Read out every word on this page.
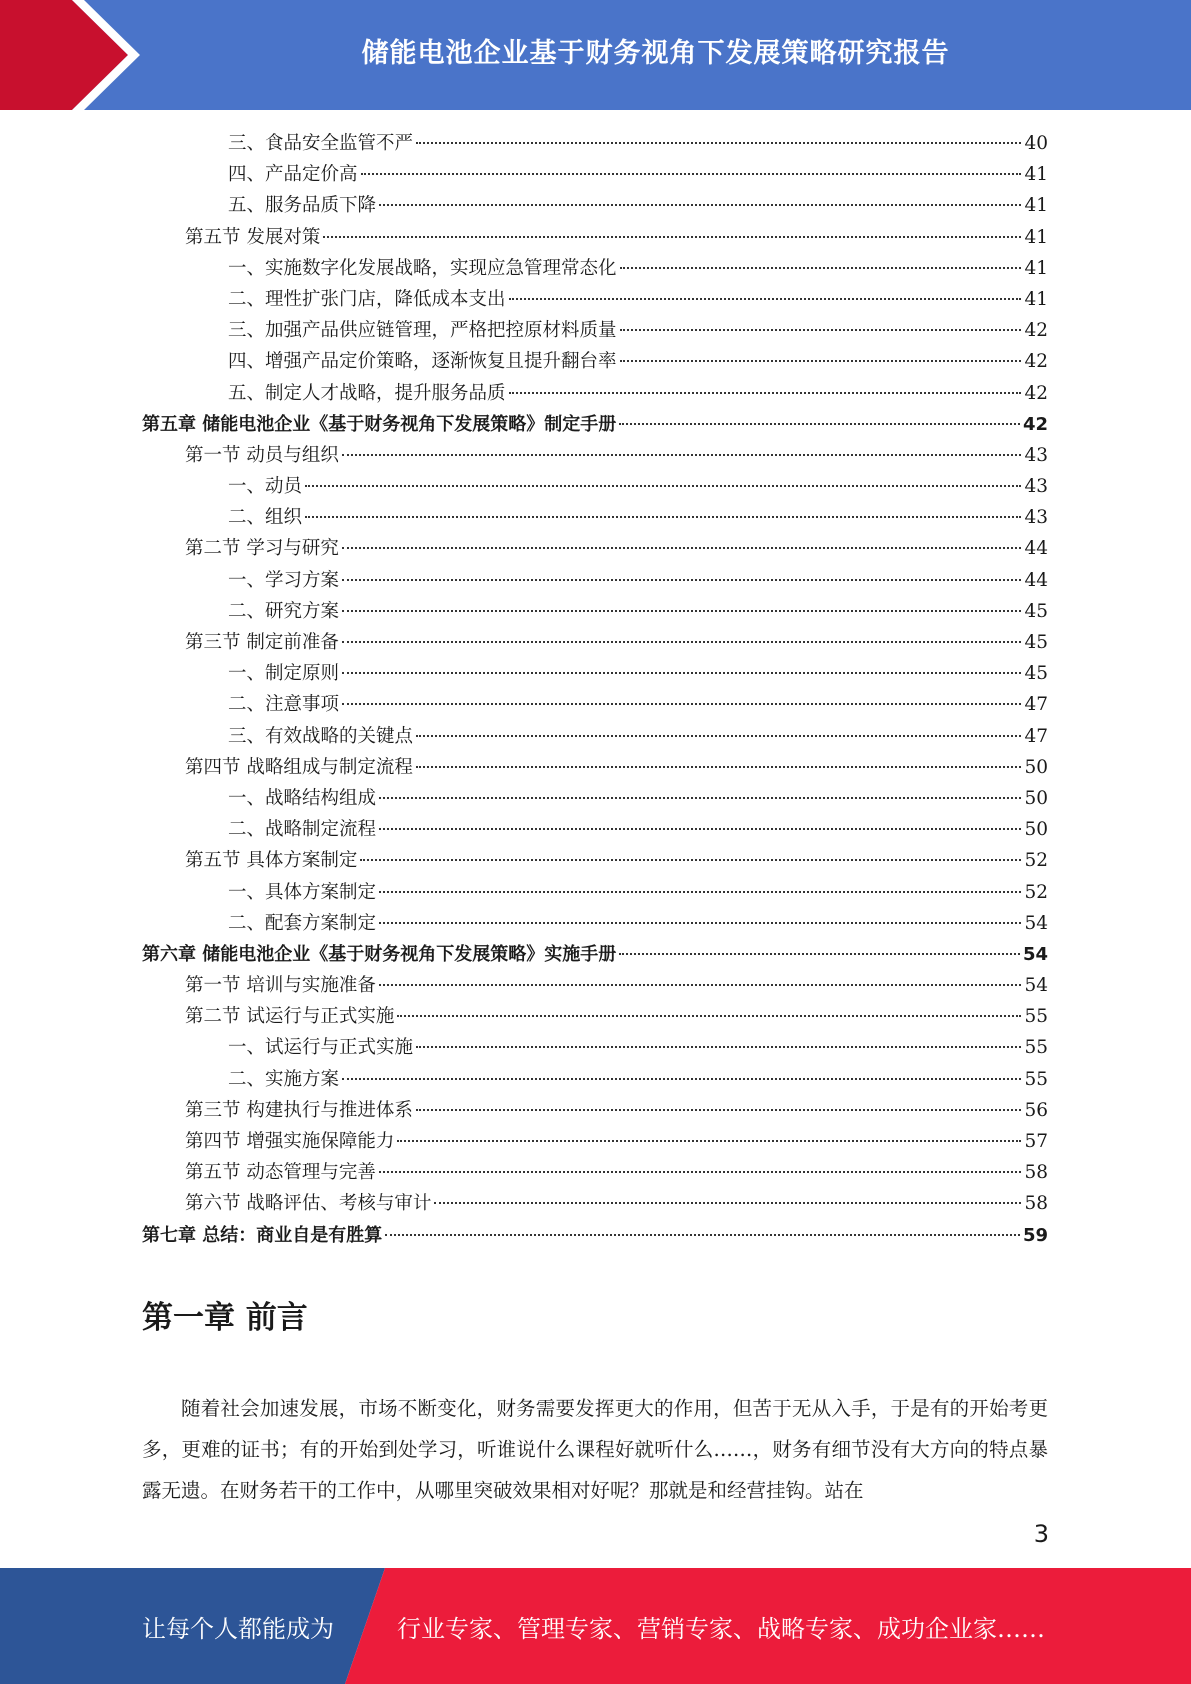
储能电池企业基于财务视角下发展策略研究报告
三、食品安全监管不严	40
四、产品定价高	41
五、服务品质下降	41
第五节 发展对策	41
一、实施数字化发展战略，实现应急管理常态化	41
二、理性扩张门店，降低成本支出	41
三、加强产品供应链管理，严格把控原材料质量	42
四、增强产品定价策略，逐渐恢复且提升翻台率	42
五、制定人才战略，提升服务品质	42
第五章 储能电池企业《基于财务视角下发展策略》制定手册	42
第一节 动员与组织	43
一、动员	43
二、组织	43
第二节 学习与研究	44
一、学习方案	44
二、研究方案	45
第三节 制定前准备	45
一、制定原则	45
二、注意事项	47
三、有效战略的关键点	47
第四节 战略组成与制定流程	50
一、战略结构组成	50
二、战略制定流程	50
第五节 具体方案制定	52
一、具体方案制定	52
二、配套方案制定	54
第六章 储能电池企业《基于财务视角下发展策略》实施手册	54
第一节 培训与实施准备	54
第二节 试运行与正式实施	55
一、试运行与正式实施	55
二、实施方案	55
第三节 构建执行与推进体系	56
第四节 增强实施保障能力	57
第五节 动态管理与完善	58
第六节 战略评估、考核与审计	58
第七章 总结：商业自是有胜算	59
第一章 前言

随着社会加速发展，市场不断变化，财务需要发挥更大的作用，但苦于无从入手，于是有的开始考更多，更难的证书；有的开始到处学习，听谁说什么课程好就听什么……，财务有细节没有大方向的特点暴露无遗。在财务若干的工作中，从哪里突破效果相对好呢？那就是和经营挂钩。站在

3
让每个人都能成为	行业专家、管理专家、营销专家、战略专家、成功企业家……
